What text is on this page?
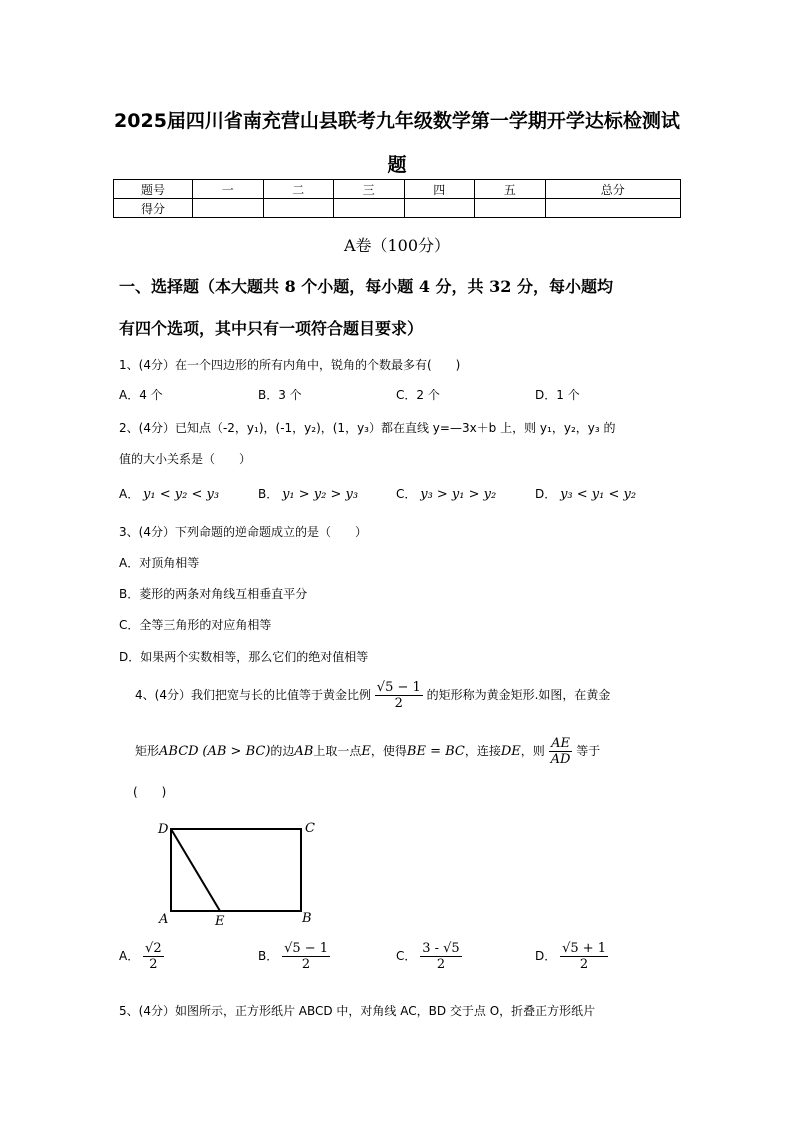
2025届四川省南充营山县联考九年级数学第一学期开学达标检测试
题
题号	一	二	三	四	五	总分
得分						
A卷（100分）
一、选择题（本大题共 8 个小题，每小题 4 分，共 32 分，每小题均
有四个选项，其中只有一项符合题目要求）
1、(4分）在一个四边形的所有内角中，锐角的个数最多有(　　)
A．4 个	B．3 个	C．2 个	D．1 个
2、(4分）已知点（-2，y₁)，(-1，y₂)，(1，y₃）都在直线 y=—3x＋b 上，则 y₁，y₂，y₃ 的
值的大小关系是（　　）
A． y₁ < y₂ < y₃	B． y₁ > y₂ > y₃	C． y₃ > y₁ > y₂	D． y₃ < y₁ < y₂
3、(4分）下列命题的逆命题成立的是（　　）
A．对顶角相等
B．菱形的两条对角线互相垂直平分
C．全等三角形的对应角相等
D．如果两个实数相等，那么它们的绝对值相等
4、(4分）我们把宽与长的比值等于黄金比例 $\frac{√5 - 1}{2}$ 的矩形称为黄金矩形.如图，在黄金
矩形ABCD (AB > BC)的边AB上取一点E，使得BE = BC，连接DE，则 $\frac{AE}{AD}$ 等于
(　　)
D	C
A	E	B
A． $\frac{√2}{2}$	B． $\frac{√5 - 1}{2}$	C． $\frac{3 - √5}{2}$	D． $\frac{√5 + 1}{2}$
5、(4分）如图所示，正方形纸片 ABCD 中，对角线 AC，BD 交于点 O，折叠正方形纸片
